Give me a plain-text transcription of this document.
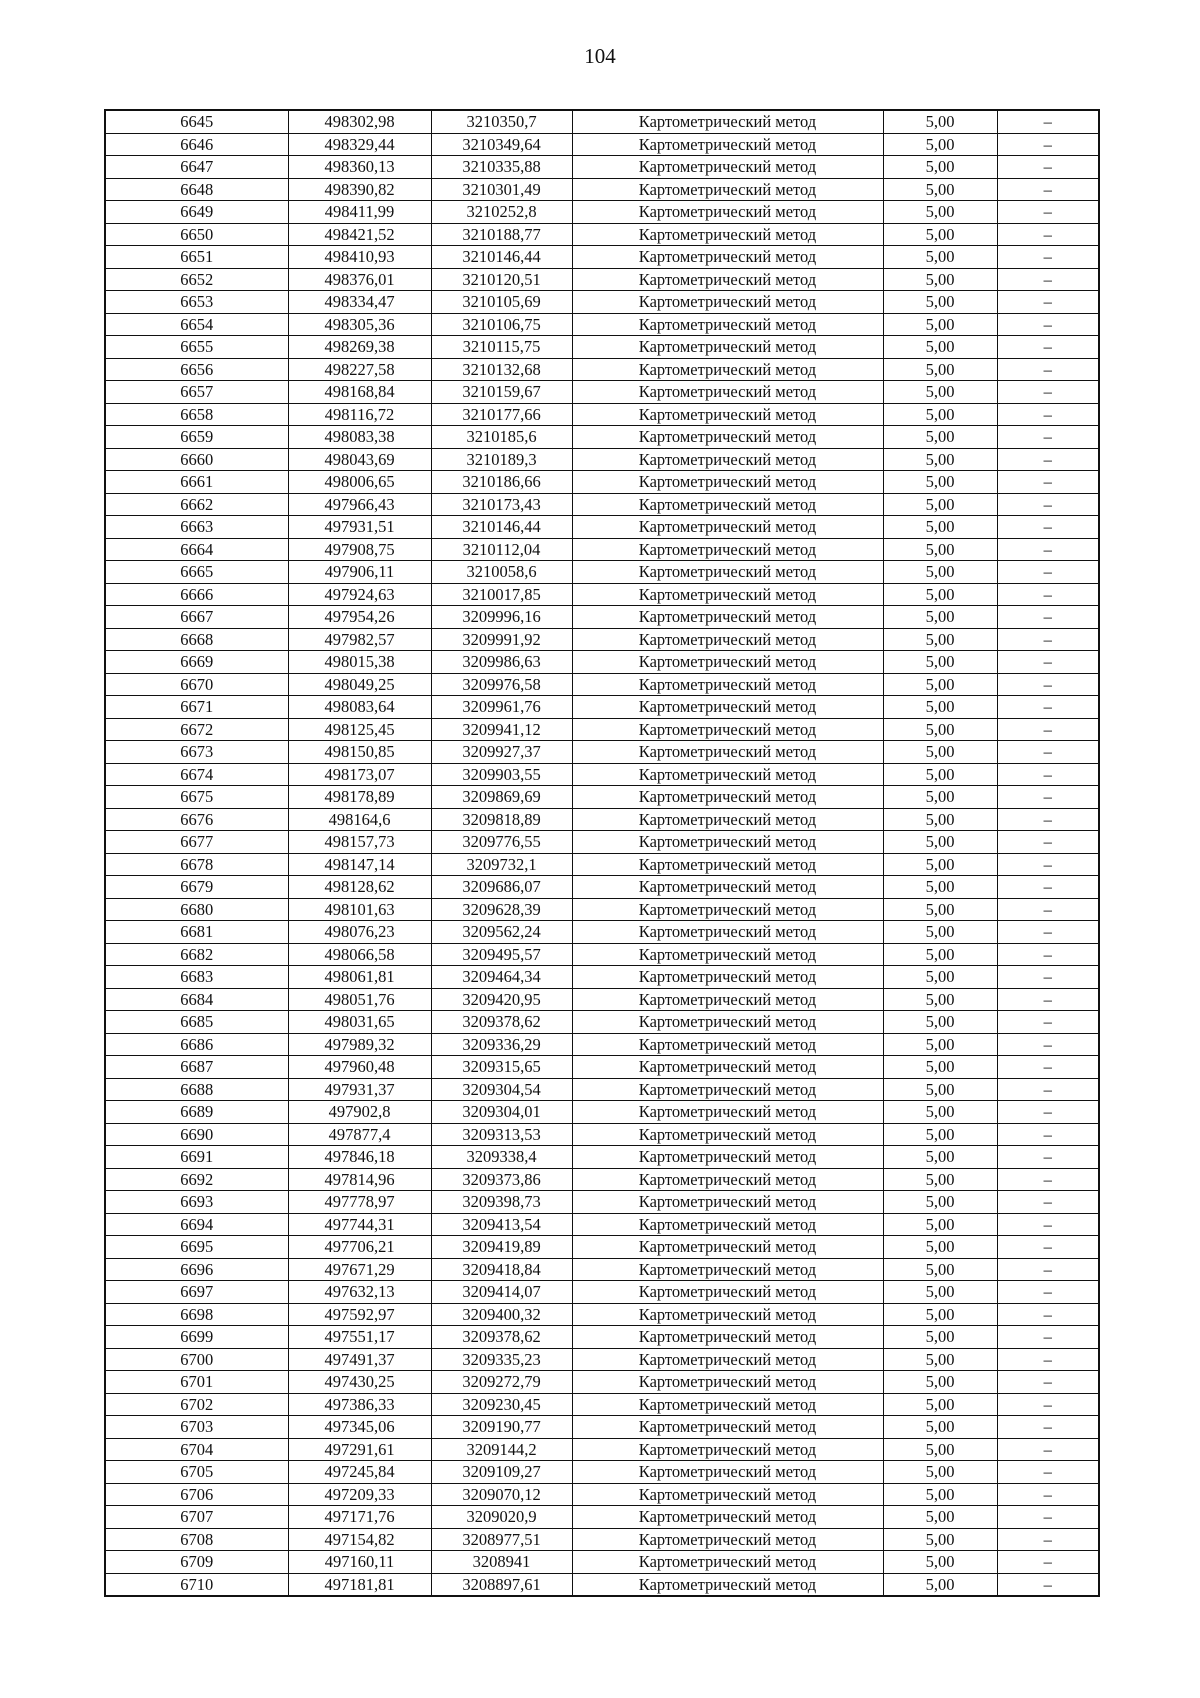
104
6645	498302,98	3210350,7	Картометрический метод	5,00	–
6646	498329,44	3210349,64	Картометрический метод	5,00	–
6647	498360,13	3210335,88	Картометрический метод	5,00	–
6648	498390,82	3210301,49	Картометрический метод	5,00	–
6649	498411,99	3210252,8	Картометрический метод	5,00	–
6650	498421,52	3210188,77	Картометрический метод	5,00	–
6651	498410,93	3210146,44	Картометрический метод	5,00	–
6652	498376,01	3210120,51	Картометрический метод	5,00	–
6653	498334,47	3210105,69	Картометрический метод	5,00	–
6654	498305,36	3210106,75	Картометрический метод	5,00	–
6655	498269,38	3210115,75	Картометрический метод	5,00	–
6656	498227,58	3210132,68	Картометрический метод	5,00	–
6657	498168,84	3210159,67	Картометрический метод	5,00	–
6658	498116,72	3210177,66	Картометрический метод	5,00	–
6659	498083,38	3210185,6	Картометрический метод	5,00	–
6660	498043,69	3210189,3	Картометрический метод	5,00	–
6661	498006,65	3210186,66	Картометрический метод	5,00	–
6662	497966,43	3210173,43	Картометрический метод	5,00	–
6663	497931,51	3210146,44	Картометрический метод	5,00	–
6664	497908,75	3210112,04	Картометрический метод	5,00	–
6665	497906,11	3210058,6	Картометрический метод	5,00	–
6666	497924,63	3210017,85	Картометрический метод	5,00	–
6667	497954,26	3209996,16	Картометрический метод	5,00	–
6668	497982,57	3209991,92	Картометрический метод	5,00	–
6669	498015,38	3209986,63	Картометрический метод	5,00	–
6670	498049,25	3209976,58	Картометрический метод	5,00	–
6671	498083,64	3209961,76	Картометрический метод	5,00	–
6672	498125,45	3209941,12	Картометрический метод	5,00	–
6673	498150,85	3209927,37	Картометрический метод	5,00	–
6674	498173,07	3209903,55	Картометрический метод	5,00	–
6675	498178,89	3209869,69	Картометрический метод	5,00	–
6676	498164,6	3209818,89	Картометрический метод	5,00	–
6677	498157,73	3209776,55	Картометрический метод	5,00	–
6678	498147,14	3209732,1	Картометрический метод	5,00	–
6679	498128,62	3209686,07	Картометрический метод	5,00	–
6680	498101,63	3209628,39	Картометрический метод	5,00	–
6681	498076,23	3209562,24	Картометрический метод	5,00	–
6682	498066,58	3209495,57	Картометрический метод	5,00	–
6683	498061,81	3209464,34	Картометрический метод	5,00	–
6684	498051,76	3209420,95	Картометрический метод	5,00	–
6685	498031,65	3209378,62	Картометрический метод	5,00	–
6686	497989,32	3209336,29	Картометрический метод	5,00	–
6687	497960,48	3209315,65	Картометрический метод	5,00	–
6688	497931,37	3209304,54	Картометрический метод	5,00	–
6689	497902,8	3209304,01	Картометрический метод	5,00	–
6690	497877,4	3209313,53	Картометрический метод	5,00	–
6691	497846,18	3209338,4	Картометрический метод	5,00	–
6692	497814,96	3209373,86	Картометрический метод	5,00	–
6693	497778,97	3209398,73	Картометрический метод	5,00	–
6694	497744,31	3209413,54	Картометрический метод	5,00	–
6695	497706,21	3209419,89	Картометрический метод	5,00	–
6696	497671,29	3209418,84	Картометрический метод	5,00	–
6697	497632,13	3209414,07	Картометрический метод	5,00	–
6698	497592,97	3209400,32	Картометрический метод	5,00	–
6699	497551,17	3209378,62	Картометрический метод	5,00	–
6700	497491,37	3209335,23	Картометрический метод	5,00	–
6701	497430,25	3209272,79	Картометрический метод	5,00	–
6702	497386,33	3209230,45	Картометрический метод	5,00	–
6703	497345,06	3209190,77	Картометрический метод	5,00	–
6704	497291,61	3209144,2	Картометрический метод	5,00	–
6705	497245,84	3209109,27	Картометрический метод	5,00	–
6706	497209,33	3209070,12	Картометрический метод	5,00	–
6707	497171,76	3209020,9	Картометрический метод	5,00	–
6708	497154,82	3208977,51	Картометрический метод	5,00	–
6709	497160,11	3208941	Картометрический метод	5,00	–
6710	497181,81	3208897,61	Картометрический метод	5,00	–
